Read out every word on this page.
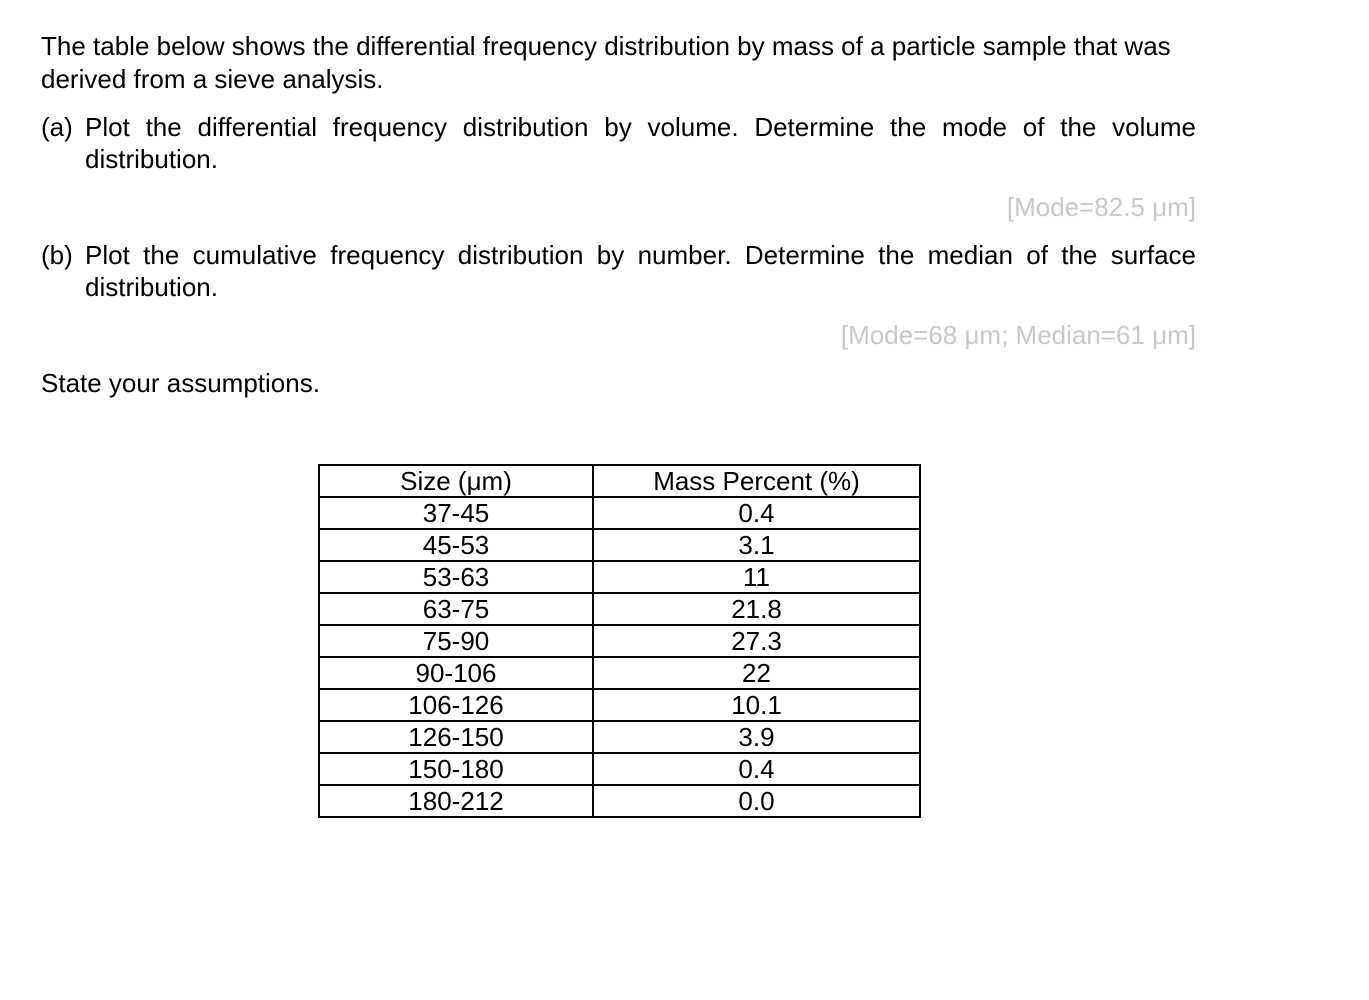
The table below shows the differential frequency distribution by mass of a particle sample that was derived from a sieve analysis.

(a) Plot the differential frequency distribution by volume. Determine the mode of the volume distribution.
[Mode=82.5 μm]
(b) Plot the cumulative frequency distribution by number. Determine the median of the surface distribution.
[Mode=68 μm; Median=61 μm]
State your assumptions.
Size (μm)	Mass Percent (%)
37-45	0.4
45-53	3.1
53-63	11
63-75	21.8
75-90	27.3
90-106	22
106-126	10.1
126-150	3.9
150-180	0.4
180-212	0.0
